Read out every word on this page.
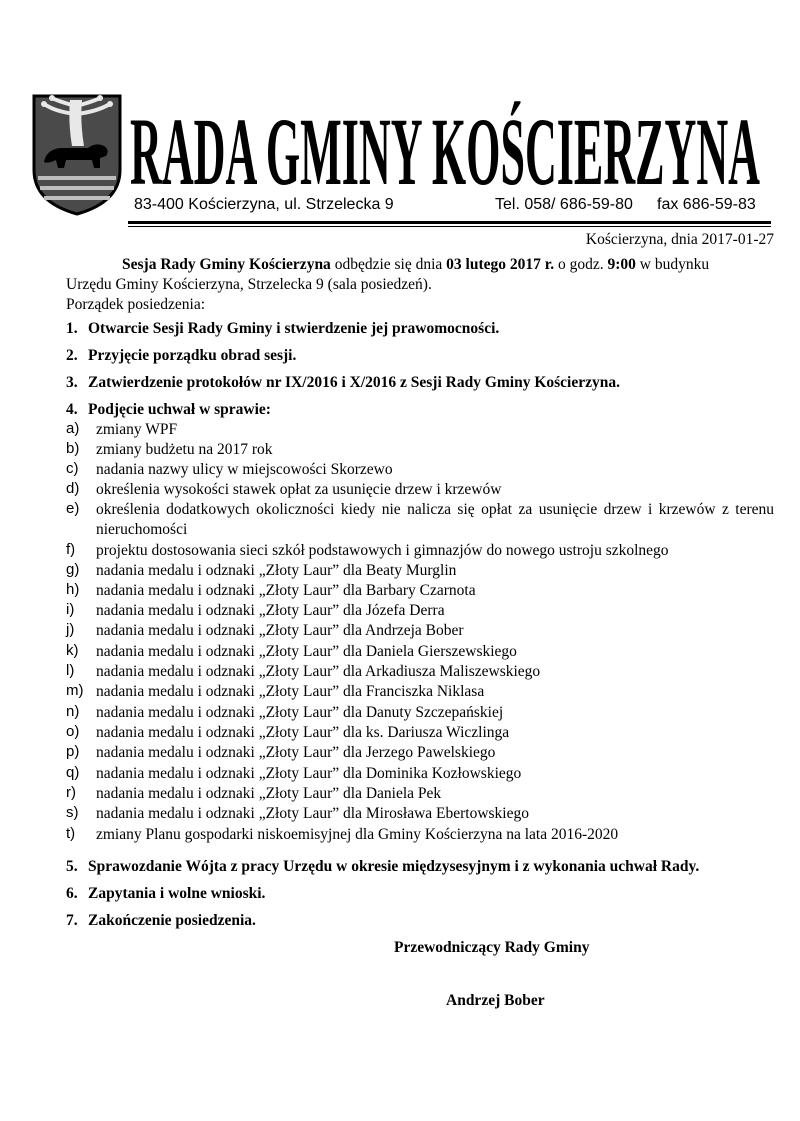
RADA GMINY KOŚCIERZYNA
83-400 Kościerzyna, ul. Strzelecka 9	Tel. 058/ 686-59-80 fax 686-59-83
Kościerzyna, dnia 2017-01-27
Sesja Rady Gminy Kościerzyna odbędzie się dnia 03 lutego 2017 r. o godz. 9:00 w budynku
Urzędu Gminy Kościerzyna, Strzelecka 9 (sala posiedzeń).
Porządek posiedzenia:
1. Otwarcie Sesji Rady Gminy i stwierdzenie jej prawomocności.
2. Przyjęcie porządku obrad sesji.
3. Zatwierdzenie protokołów nr IX/2016 i X/2016 z Sesji Rady Gminy Kościerzyna.
4. Podjęcie uchwał w sprawie:
a)	zmiany WPF
b)	zmiany budżetu na 2017 rok
c)	nadania nazwy ulicy w miejscowości Skorzewo
d)	określenia wysokości stawek opłat za usunięcie drzew i krzewów
e)	określenia dodatkowych okoliczności kiedy nie nalicza się opłat za usunięcie drzew i krzewów z terenu nieruchomości
f)	projektu dostosowania sieci szkół podstawowych i gimnazjów do nowego ustroju szkolnego
g)	nadania medalu i odznaki „Złoty Laur” dla Beaty Murglin
h)	nadania medalu i odznaki „Złoty Laur” dla Barbary Czarnota
i)	nadania medalu i odznaki „Złoty Laur” dla Józefa Derra
j)	nadania medalu i odznaki „Złoty Laur” dla Andrzeja Bober
k)	nadania medalu i odznaki „Złoty Laur” dla Daniela Gierszewskiego
l)	nadania medalu i odznaki „Złoty Laur” dla Arkadiusza Maliszewskiego
m) nadania medalu i odznaki „Złoty Laur” dla Franciszka Niklasa
n)	nadania medalu i odznaki „Złoty Laur” dla Danuty Szczepańskiej
o)	nadania medalu i odznaki „Złoty Laur” dla ks. Dariusza Wiczlinga
p)	nadania medalu i odznaki „Złoty Laur” dla Jerzego Pawelskiego
q)	nadania medalu i odznaki „Złoty Laur” dla Dominika Kozłowskiego
r)	nadania medalu i odznaki „Złoty Laur” dla Daniela Pek
s)	nadania medalu i odznaki „Złoty Laur” dla Mirosława Ebertowskiego
t)	zmiany Planu gospodarki niskoemisyjnej dla Gminy Kościerzyna na lata 2016-2020
5. Sprawozdanie Wójta z pracy Urzędu w okresie międzysesyjnym i z wykonania uchwał Rady.
6. Zapytania i wolne wnioski.
7. Zakończenie posiedzenia.
Przewodniczący Rady Gminy
Andrzej Bober
